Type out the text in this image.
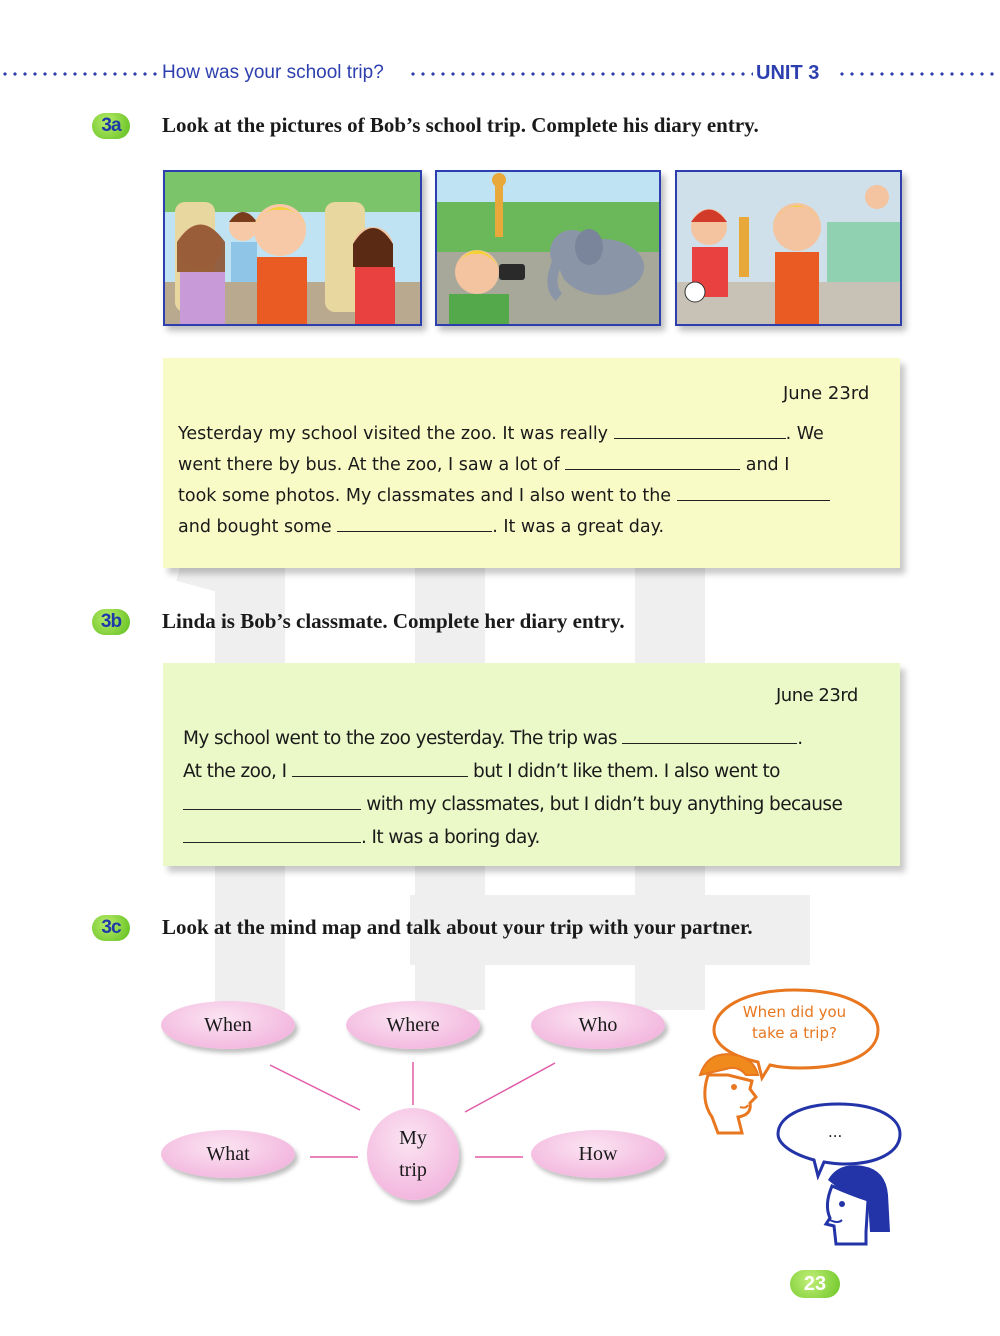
How was your school trip?	UNIT 3
3a	Look at the pictures of Bob’s school trip. Complete his diary entry.
June 23rd
Yesterday my school visited the zoo. It was really	. We
went there by bus. At the zoo, I saw a lot of	and I
took some photos. My classmates and I also went to the
and bought some	. It was a great day.
3b	Linda is Bob’s classmate. Complete her diary entry.
June 23rd
My school went to the zoo yesterday. The trip was	.
At the zoo, I	but I didn’t like them. I also went to
with my classmates, but I didn’t buy anything because
. It was a boring day.
3c	Look at the mind map and talk about your trip with your partner.
When	Where	Who
What	How
My
trip
When did you
take a trip?
...
23
